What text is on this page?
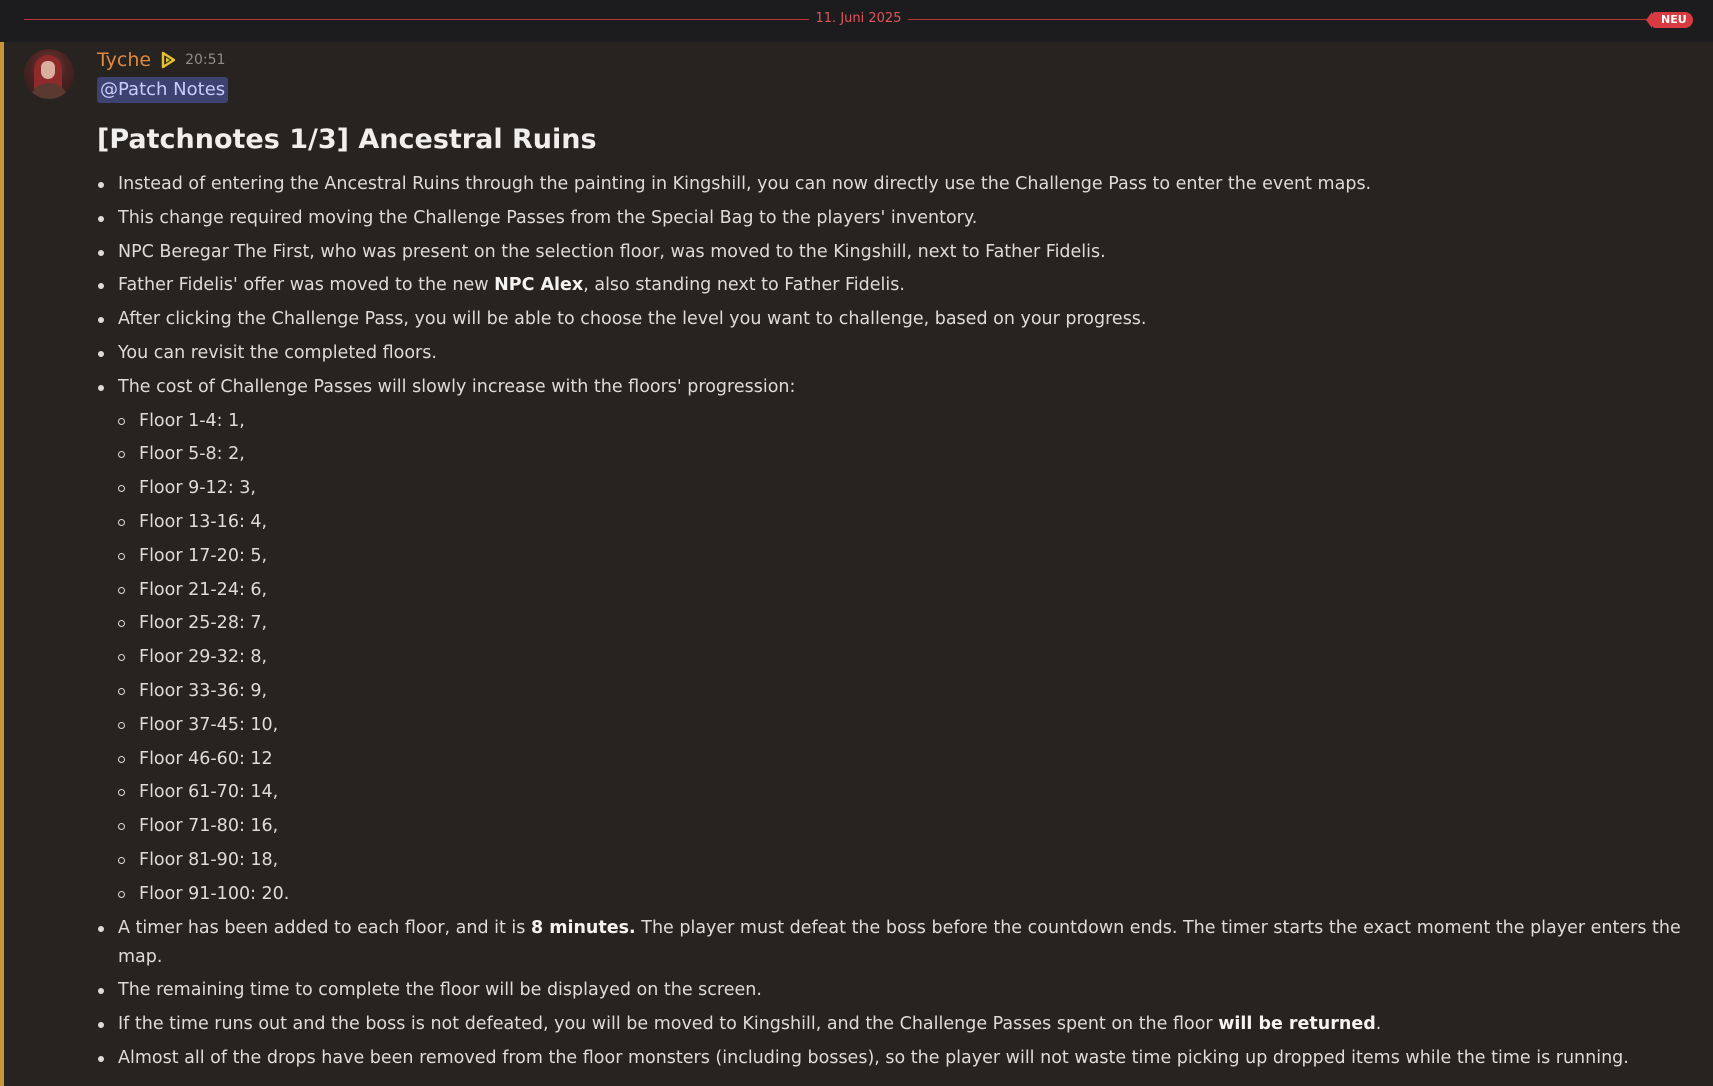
11. Juni 2025	NEU
Tyche 20:51
@Patch Notes
[Patchnotes 1/3] Ancestral Ruins
Instead of entering the Ancestral Ruins through the painting in Kingshill, you can now directly use the Challenge Pass to enter the event maps.
This change required moving the Challenge Passes from the Special Bag to the players' inventory.
NPC Beregar The First, who was present on the selection floor, was moved to the Kingshill, next to Father Fidelis.
Father Fidelis' offer was moved to the new NPC Alex, also standing next to Father Fidelis.
After clicking the Challenge Pass, you will be able to choose the level you want to challenge, based on your progress.
You can revisit the completed floors.
The cost of Challenge Passes will slowly increase with the floors' progression:
Floor 1-4: 1,
Floor 5-8: 2,
Floor 9-12: 3,
Floor 13-16: 4,
Floor 17-20: 5,
Floor 21-24: 6,
Floor 25-28: 7,
Floor 29-32: 8,
Floor 33-36: 9,
Floor 37-45: 10,
Floor 46-60: 12
Floor 61-70: 14,
Floor 71-80: 16,
Floor 81-90: 18,
Floor 91-100: 20.
A timer has been added to each floor, and it is 8 minutes. The player must defeat the boss before the countdown ends. The timer starts the exact moment the player enters the map.
The remaining time to complete the floor will be displayed on the screen.
If the time runs out and the boss is not defeated, you will be moved to Kingshill, and the Challenge Passes spent on the floor will be returned.
Almost all of the drops have been removed from the floor monsters (including bosses), so the player will not waste time picking up dropped items while the time is running.
